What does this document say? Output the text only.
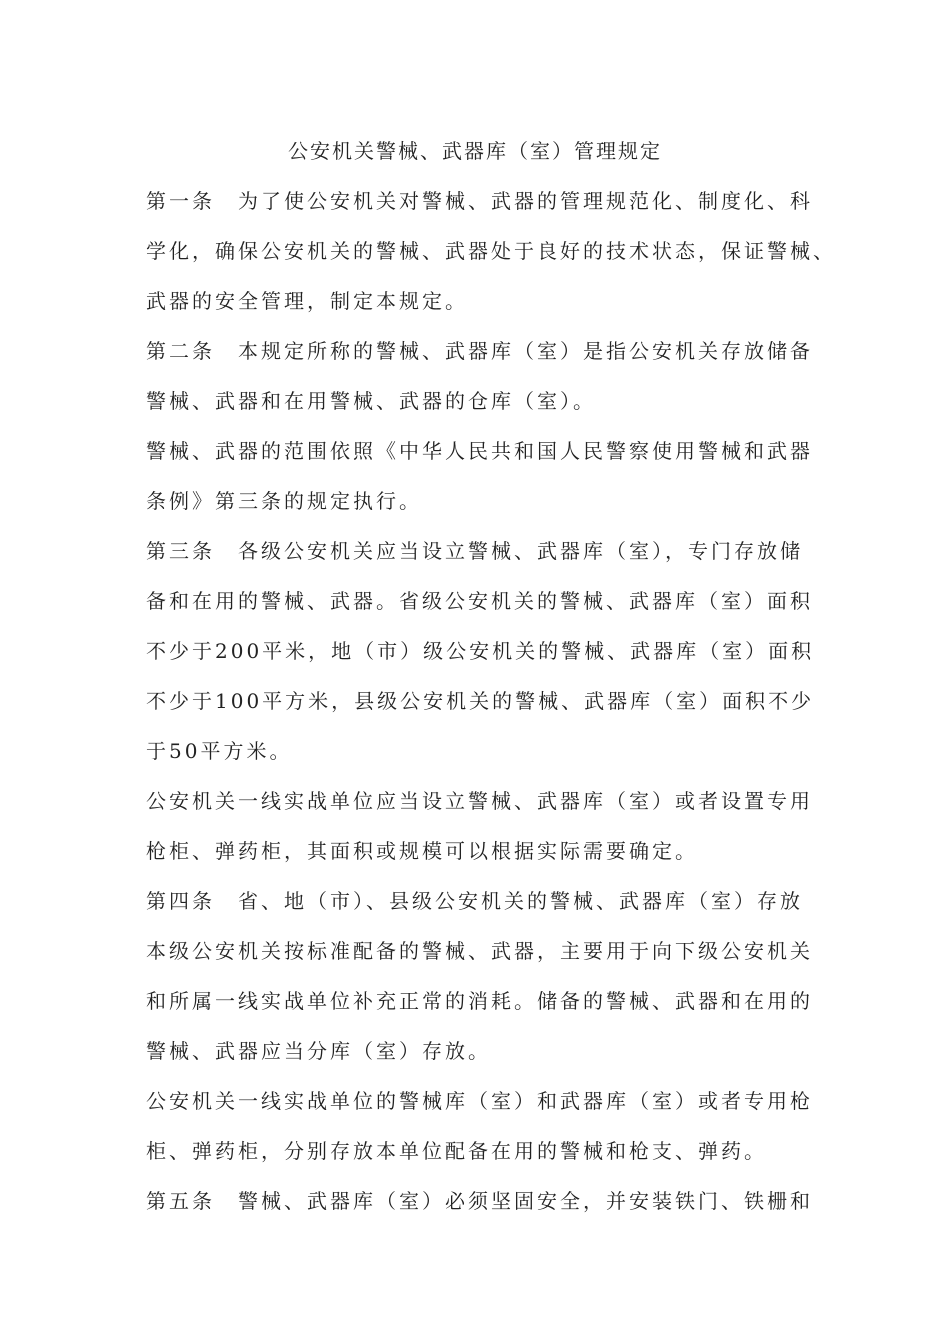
公安机关警械、武器库（室）管理规定
第一条　为了使公安机关对警械、武器的管理规范化、制度化、科
学化，确保公安机关的警械、武器处于良好的技术状态，保证警械、
武器的安全管理，制定本规定。
第二条　本规定所称的警械、武器库（室）是指公安机关存放储备
警械、武器和在用警械、武器的仓库（室）。
警械、武器的范围依照《中华人民共和国人民警察使用警械和武器
条例》第三条的规定执行。
第三条　各级公安机关应当设立警械、武器库（室），专门存放储
备和在用的警械、武器。省级公安机关的警械、武器库（室）面积
不少于200平米，地（市）级公安机关的警械、武器库（室）面积
不少于100平方米，县级公安机关的警械、武器库（室）面积不少
于50平方米。
公安机关一线实战单位应当设立警械、武器库（室）或者设置专用
枪柜、弹药柜，其面积或规模可以根据实际需要确定。
第四条　省、地（市）、县级公安机关的警械、武器库（室）存放
本级公安机关按标准配备的警械、武器，主要用于向下级公安机关
和所属一线实战单位补充正常的消耗。储备的警械、武器和在用的
警械、武器应当分库（室）存放。
公安机关一线实战单位的警械库（室）和武器库（室）或者专用枪
柜、弹药柜，分别存放本单位配备在用的警械和枪支、弹药。
第五条　警械、武器库（室）必须坚固安全，并安装铁门、铁栅和
